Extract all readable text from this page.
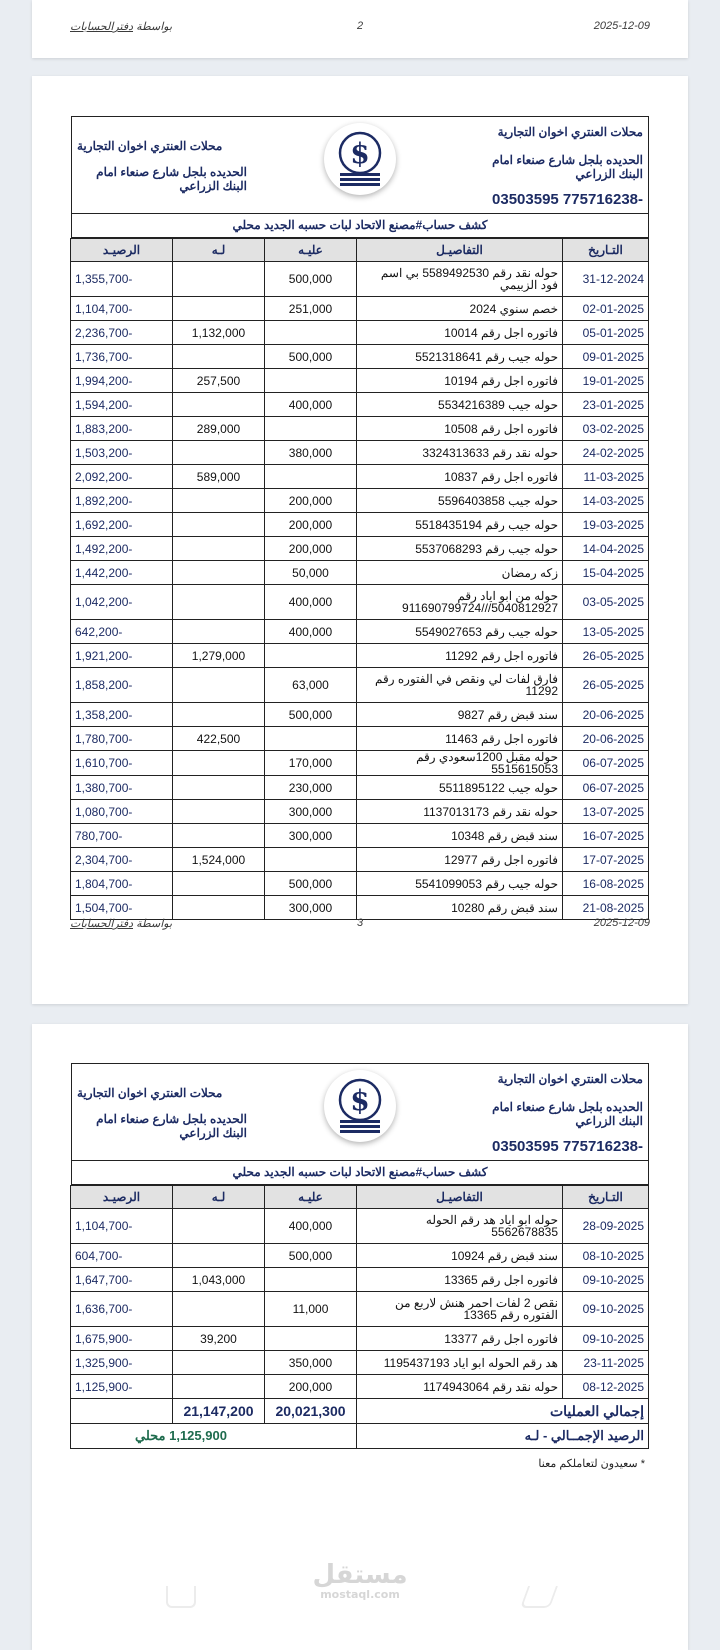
2025-12-09
2
بواسطة دفترالحسابات
محلات العنتري اخوان التجارية
الحديده بلجل شارع صنعاء امام البنك الزراعي
03503595 775716238-
محلات العنتري اخوان التجارية
الحديده بلجل شارع صنعاء امام البنك الزراعي
$
كشف حساب#مصنع الاتحاد لبات حسبه الجديد محلي
التـاريخ	التفاصيـل	عليـه	لـه	الرصيـد
31-12-2024	حوله نقد رقم 5589492530 بي اسم فود الزبيمي	500,000		-1,355,700
02-01-2025	خصم سنوي 2024	251,000		-1,104,700
05-01-2025	فاتوره اجل رقم 10014		1,132,000	-2,236,700
09-01-2025	حوله جيب رقم 5521318641	500,000		-1,736,700
19-01-2025	فاتوره اجل رقم 10194		257,500	-1,994,200
23-01-2025	حوله جيب 5534216389	400,000		-1,594,200
03-02-2025	فاتوره اجل رقم 10508		289,000	-1,883,200
24-02-2025	حوله نقد رقم 3324313633	380,000		-1,503,200
11-03-2025	فاتوره اجل رقم 10837		589,000	-2,092,200
14-03-2025	حوله جيب 5596403858	200,000		-1,892,200
19-03-2025	حوله جيب رقم 5518435194	200,000		-1,692,200
14-04-2025	حوله جيب رقم 5537068293	200,000		-1,492,200
15-04-2025	زكه رمضان	50,000		-1,442,200
03-05-2025	حوله من ابو اياد رقم 5040812927///911690799724	400,000		-1,042,200
13-05-2025	حوله جيب رقم 5549027653	400,000		-642,200
26-05-2025	فاتوره اجل رقم 11292		1,279,000	-1,921,200
26-05-2025	فارق لفات لي ونقص في الفتوره رقم 11292	63,000		-1,858,200
20-06-2025	سند قبض رقم 9827	500,000		-1,358,200
20-06-2025	فاتوره اجل رقم 11463		422,500	-1,780,700
06-07-2025	حوله مقبل 1200سعودي رقم 5515615053	170,000		-1,610,700
06-07-2025	حوله جيب 5511895122	230,000		-1,380,700
13-07-2025	حوله نقد رقم 1137013173	300,000		-1,080,700
16-07-2025	سند قبض رقم 10348	300,000		-780,700
17-07-2025	فاتوره اجل رقم 12977		1,524,000	-2,304,700
16-08-2025	حوله جيب رقم 5541099053	500,000		-1,804,700
21-08-2025	سند قبض رقم 10280	300,000		-1,504,700
2025-12-09
3
بواسطة دفترالحسابات
محلات العنتري اخوان التجارية
الحديده بلجل شارع صنعاء امام البنك الزراعي
03503595 775716238-
محلات العنتري اخوان التجارية
الحديده بلجل شارع صنعاء امام البنك الزراعي
$
كشف حساب#مصنع الاتحاد لبات حسبه الجديد محلي
التـاريخ	التفاصيـل	عليـه	لـه	الرصيـد
28-09-2025	حوله ابو اياد هد رقم الحوله 5562678835	400,000		-1,104,700
08-10-2025	سند قبض رقم 10924	500,000		-604,700
09-10-2025	فاتوره اجل رقم 13365		1,043,000	-1,647,700
09-10-2025	نقص 2 لفات احمر هنش لاربع من الفتوره رقم 13365	11,000		-1,636,700
09-10-2025	فاتوره اجل رقم 13377		39,200	-1,675,900
23-11-2025	هد رقم الحوله ابو اياد 1195437193	350,000		-1,325,900
08-12-2025	حوله نقد رقم 1174943064	200,000		-1,125,900
إجمالي العمليات		20,021,300	21,147,200	
الرصيد الإجمــالي - لـه		1,125,900 محلي		
* سعيدون لتعاملكم معنا
مستقل
mostaql.com
